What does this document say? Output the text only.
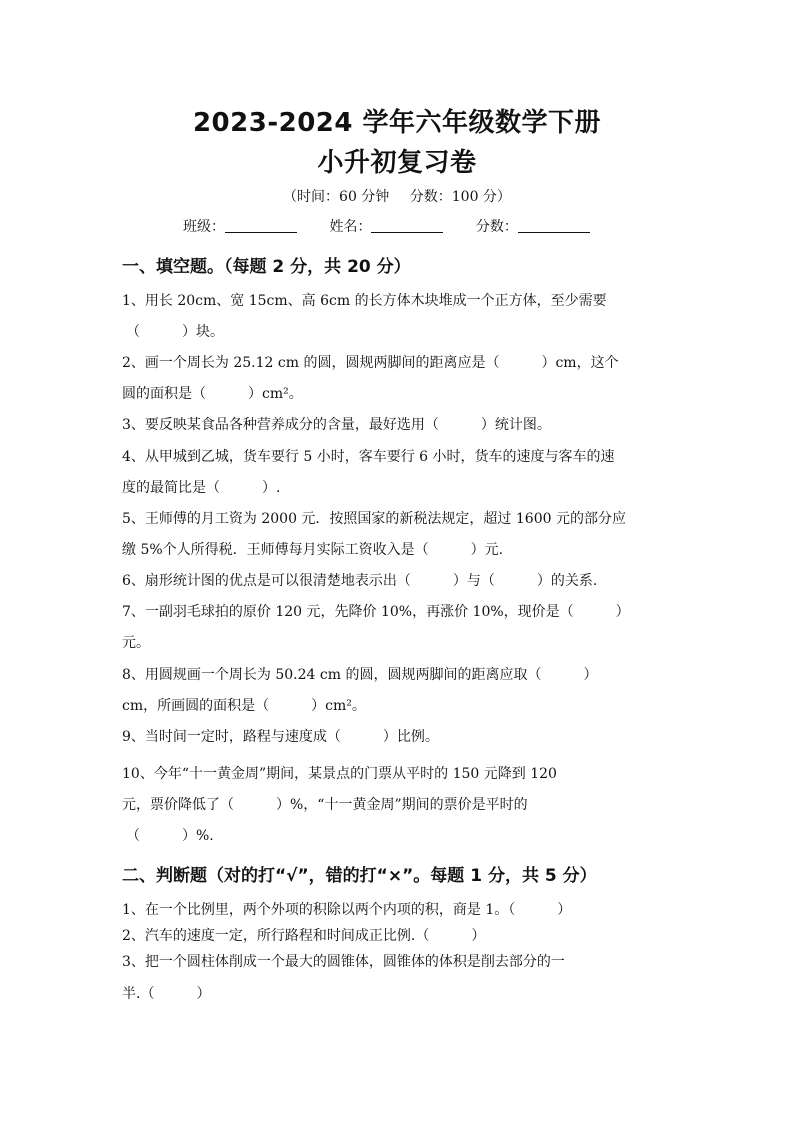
2023-2024 学年六年级数学下册
小升初复习卷
（时间：60 分钟 分数：100 分）
班级：	姓名：	分数：
一、填空题。（每题 2 分，共 20 分）
1、用长 20cm、宽 15cm、高 6cm 的长方体木块堆成一个正方体，至少需要
（　　　）块。
2、画一个周长为 25.12 cm 的圆，圆规两脚间的距离应是（　　　）cm，这个
圆的面积是（　　　）cm²。
3、要反映某食品各种营养成分的含量，最好选用（　　　）统计图。
4、从甲城到乙城，货车要行 5 小时，客车要行 6 小时，货车的速度与客车的速
度的最简比是（　　　）.
5、王师傅的月工资为 2000 元．按照国家的新税法规定，超过 1600 元的部分应
缴 5%个人所得税．王师傅每月实际工资收入是（　　　）元.
6、扇形统计图的优点是可以很清楚地表示出（　　　）与（　　　）的关系.
7、一副羽毛球拍的原价 120 元，先降价 10%，再涨价 10%，现价是（　　　）
元。
8、用圆规画一个周长为 50.24 cm 的圆，圆规两脚间的距离应取（　　　）
cm，所画圆的面积是（　　　）cm²。
9、当时间一定时，路程与速度成（　　　）比例。
10、今年“十一黄金周”期间，某景点的门票从平时的 150 元降到 120
元，票价降低了（　　　）%，“十一黄金周”期间的票价是平时的
（　　　）%.
二、判断题（对的打“√”，错的打“×”。每题 1 分，共 5 分）
1、在一个比例里，两个外项的积除以两个内项的积，商是 1。（　　　）
2、汽车的速度一定，所行路程和时间成正比例.（　　　）
3、把一个圆柱体削成一个最大的圆锥体，圆锥体的体积是削去部分的一
半.（　　　）
